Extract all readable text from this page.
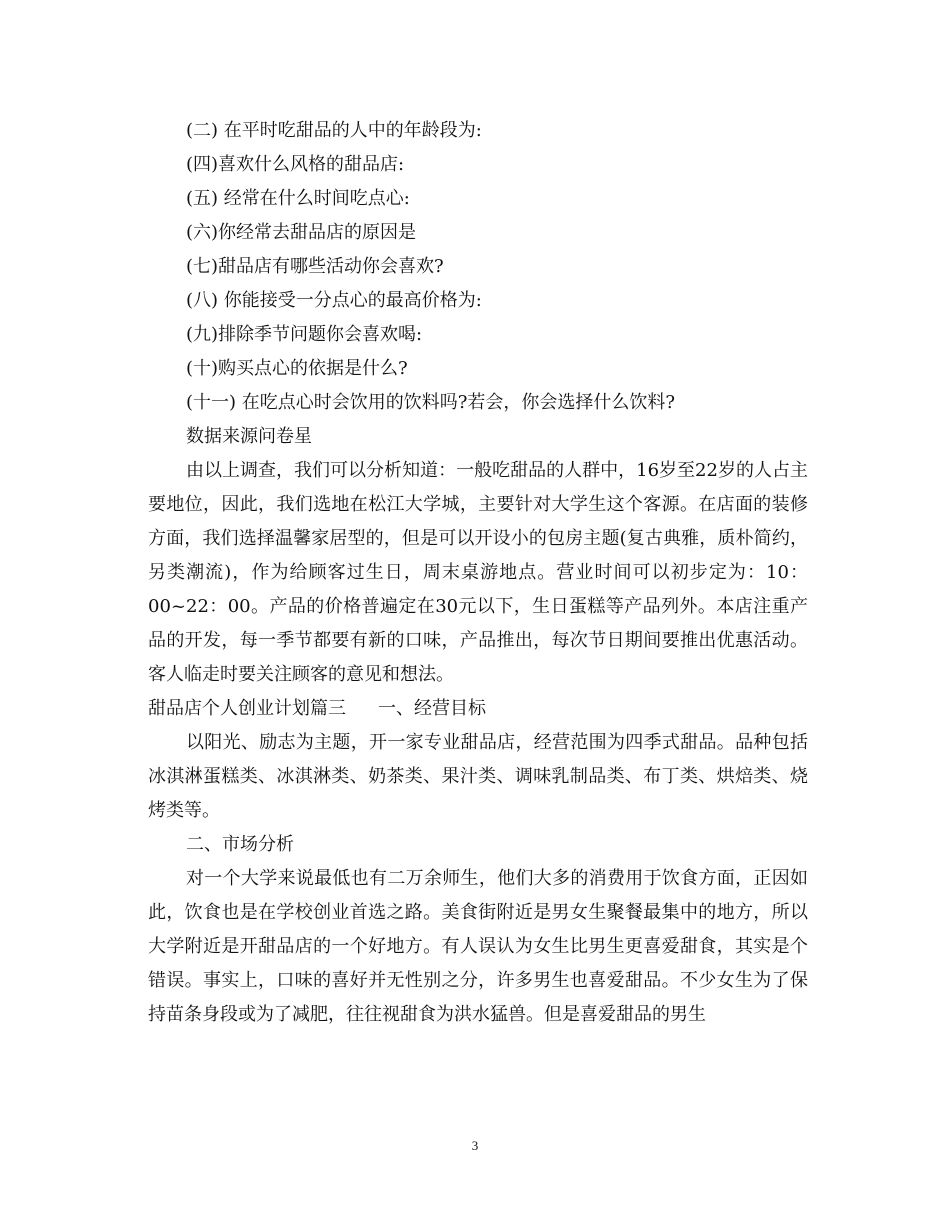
(二) 在平时吃甜品的人中的年龄段为:
(四)喜欢什么风格的甜品店:
(五) 经常在什么时间吃点心:
(六)你经常去甜品店的原因是
(七)甜品店有哪些活动你会喜欢?
(八) 你能接受一分点心的最高价格为:
(九)排除季节问题你会喜欢喝:
(十)购买点心的依据是什么?
(十一) 在吃点心时会饮用的饮料吗?若会，你会选择什么饮料?
数据来源问卷星

由以上调查，我们可以分析知道：一般吃甜品的人群中，16岁至22岁的人占主要地位，因此，我们选地在松江大学城，主要针对大学生这个客源。在店面的装修方面，我们选择温馨家居型的，但是可以开设小的包房主题(复古典雅，质朴简约，另类潮流)，作为给顾客过生日，周末桌游地点。营业时间可以初步定为：10：00~22：00。产品的价格普遍定在30元以下，生日蛋糕等产品列外。本店注重产品的开发，每一季节都要有新的口味，产品推出，每次节日期间要推出优惠活动。客人临走时要关注顾客的意见和想法。

甜品店个人创业计划篇三 一、经营目标

以阳光、励志为主题，开一家专业甜品店，经营范围为四季式甜品。品种包括冰淇淋蛋糕类、冰淇淋类、奶茶类、果汁类、调味乳制品类、布丁类、烘焙类、烧烤类等。

二、市场分析

对一个大学来说最低也有二万余师生，他们大多的消费用于饮食方面，正因如此，饮食也是在学校创业首选之路。美食街附近是男女生聚餐最集中的地方，所以大学附近是开甜品店的一个好地方。有人误认为女生比男生更喜爱甜食，其实是个错误。事实上，口味的喜好并无性别之分，许多男生也喜爱甜品。不少女生为了保持苗条身段或为了减肥，往往视甜食为洪水猛兽。但是喜爱甜品的男生

3
